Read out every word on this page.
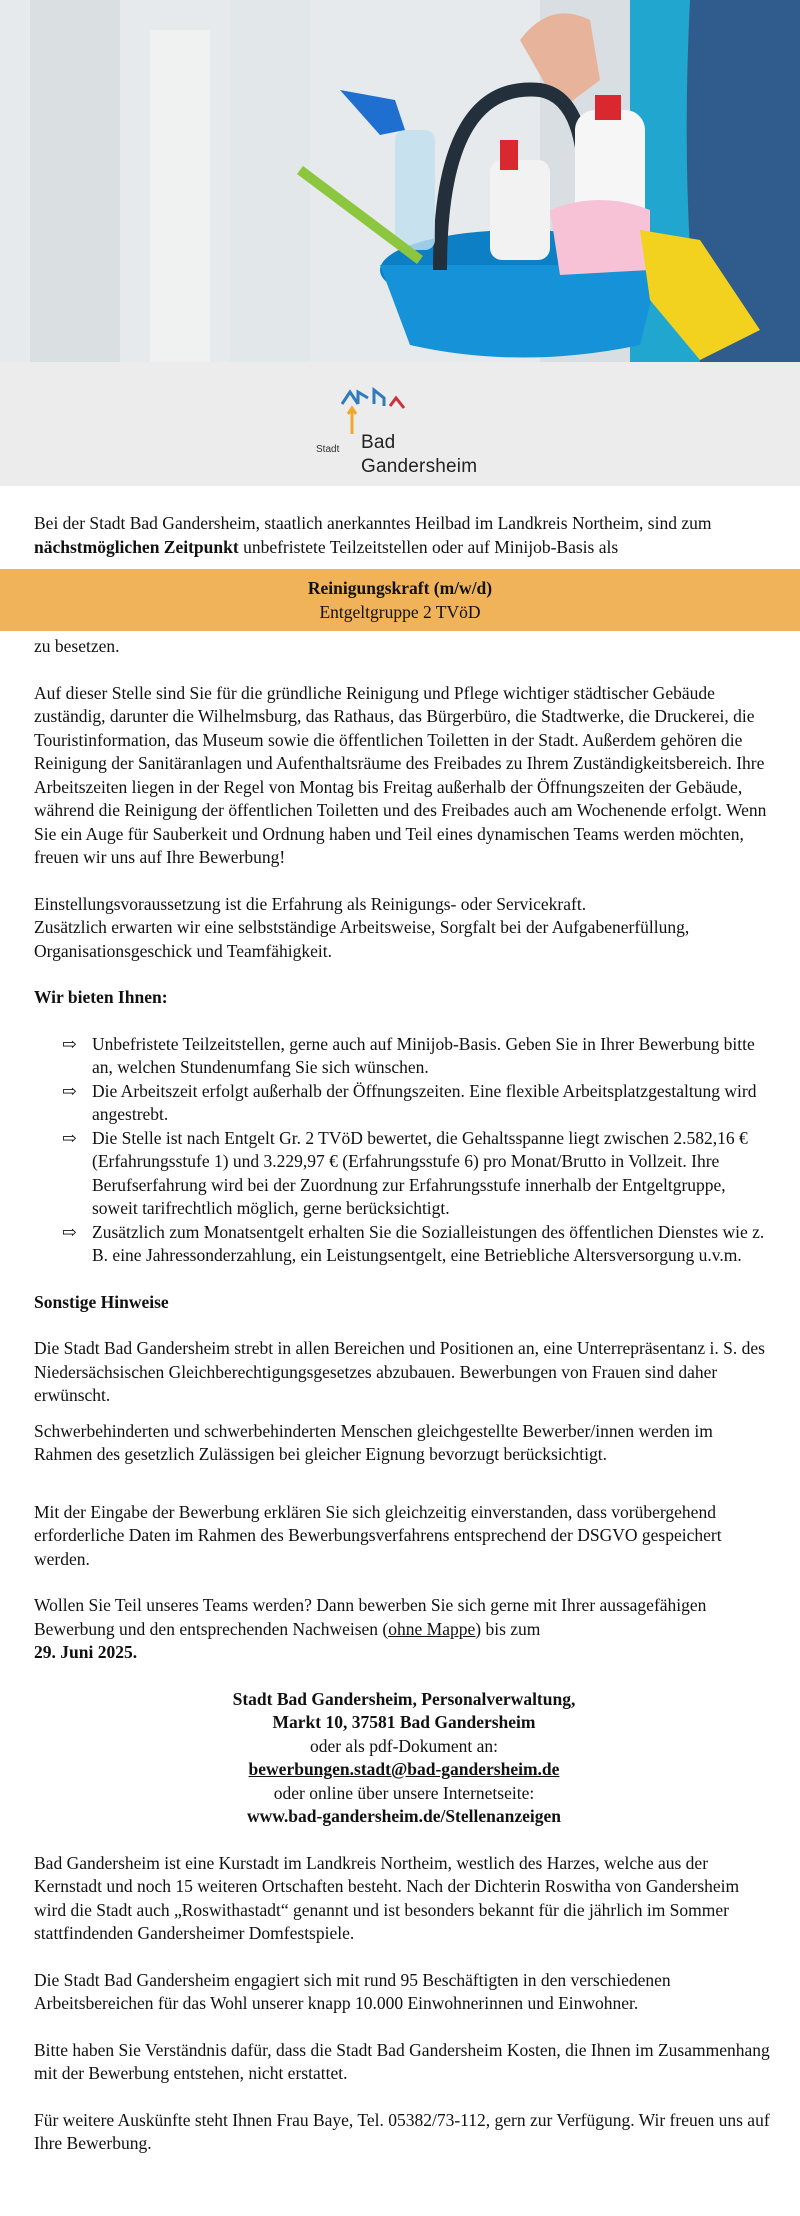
Stadt Bad Gandersheim

Bei der Stadt Bad Gandersheim, staatlich anerkanntes Heilbad im Landkreis Northeim, sind zum nächstmöglichen Zeitpunkt unbefristete Teilzeitstellen oder auf Minijob-Basis als

Reinigungskraft (m/w/d)
Entgeltgruppe 2 TVöD

zu besetzen.

Auf dieser Stelle sind Sie für die gründliche Reinigung und Pflege wichtiger städtischer Gebäude zuständig, darunter die Wilhelmsburg, das Rathaus, das Bürgerbüro, die Stadtwerke, die Druckerei, die Touristinformation, das Museum sowie die öffentlichen Toiletten in der Stadt. Außerdem gehören die Reinigung der Sanitäranlagen und Aufenthaltsräume des Freibades zu Ihrem Zuständigkeitsbereich. Ihre Arbeitszeiten liegen in der Regel von Montag bis Freitag außerhalb der Öffnungszeiten der Gebäude, während die Reinigung der öffentlichen Toiletten und des Freibades auch am Wochenende erfolgt. Wenn Sie ein Auge für Sauberkeit und Ordnung haben und Teil eines dynamischen Teams werden möchten, freuen wir uns auf Ihre Bewerbung!

Einstellungsvoraussetzung ist die Erfahrung als Reinigungs- oder Servicekraft.

Zusätzlich erwarten wir eine selbstständige Arbeitsweise, Sorgfalt bei der Aufgabenerfüllung, Organisationsgeschick und Teamfähigkeit.

Wir bieten Ihnen:
⇨ Unbefristete Teilzeitstellen, gerne auch auf Minijob-Basis. Geben Sie in Ihrer Bewerbung bitte an, welchen Stundenumfang Sie sich wünschen.
⇨ Die Arbeitszeit erfolgt außerhalb der Öffnungszeiten. Eine flexible Arbeitsplatzgestaltung wird angestrebt.
⇨ Die Stelle ist nach Entgelt Gr. 2 TVöD bewertet, die Gehaltsspanne liegt zwischen 2.582,16 € (Erfahrungsstufe 1) und 3.229,97 € (Erfahrungsstufe 6) pro Monat/Brutto in Vollzeit. Ihre Berufserfahrung wird bei der Zuordnung zur Erfahrungsstufe innerhalb der Entgeltgruppe, soweit tarifrechtlich möglich, gerne berücksichtigt.
⇨ Zusätzlich zum Monatsentgelt erhalten Sie die Sozialleistungen des öffentlichen Dienstes wie z. B. eine Jahressonderzahlung, ein Leistungsentgelt, eine Betriebliche Altersversorgung u.v.m.
Sonstige Hinweise

Die Stadt Bad Gandersheim strebt in allen Bereichen und Positionen an, eine Unterrepräsentanz i. S. des Niedersächsischen Gleichberechtigungsgesetzes abzubauen. Bewerbungen von Frauen sind daher erwünscht.

Schwerbehinderten und schwerbehinderten Menschen gleichgestellte Bewerber/innen werden im Rahmen des gesetzlich Zulässigen bei gleicher Eignung bevorzugt berücksichtigt.

Mit der Eingabe der Bewerbung erklären Sie sich gleichzeitig einverstanden, dass vorübergehend erforderliche Daten im Rahmen des Bewerbungsverfahrens entsprechend der DSGVO gespeichert werden.

Wollen Sie Teil unseres Teams werden? Dann bewerben Sie sich gerne mit Ihrer aussagefähigen Bewerbung und den entsprechenden Nachweisen (ohne Mappe) bis zum
29. Juni 2025.

Stadt Bad Gandersheim, Personalverwaltung,

Markt 10, 37581 Bad Gandersheim

oder als pdf-Dokument an:

bewerbungen.stadt@bad-gandersheim.de

oder online über unsere Internetseite:

www.bad-gandersheim.de/Stellenanzeigen

Bad Gandersheim ist eine Kurstadt im Landkreis Northeim, westlich des Harzes, welche aus der Kernstadt und noch 15 weiteren Ortschaften besteht. Nach der Dichterin Roswitha von Gandersheim wird die Stadt auch „Roswithastadt“ genannt und ist besonders bekannt für die jährlich im Sommer stattfindenden Gandersheimer Domfestspiele.

Die Stadt Bad Gandersheim engagiert sich mit rund 95 Beschäftigten in den verschiedenen Arbeitsbereichen für das Wohl unserer knapp 10.000 Einwohnerinnen und Einwohner.

Bitte haben Sie Verständnis dafür, dass die Stadt Bad Gandersheim Kosten, die Ihnen im Zusammenhang mit der Bewerbung entstehen, nicht erstattet.

Für weitere Auskünfte steht Ihnen Frau Baye, Tel. 05382/73-112, gern zur Verfügung. Wir freuen uns auf Ihre Bewerbung.
